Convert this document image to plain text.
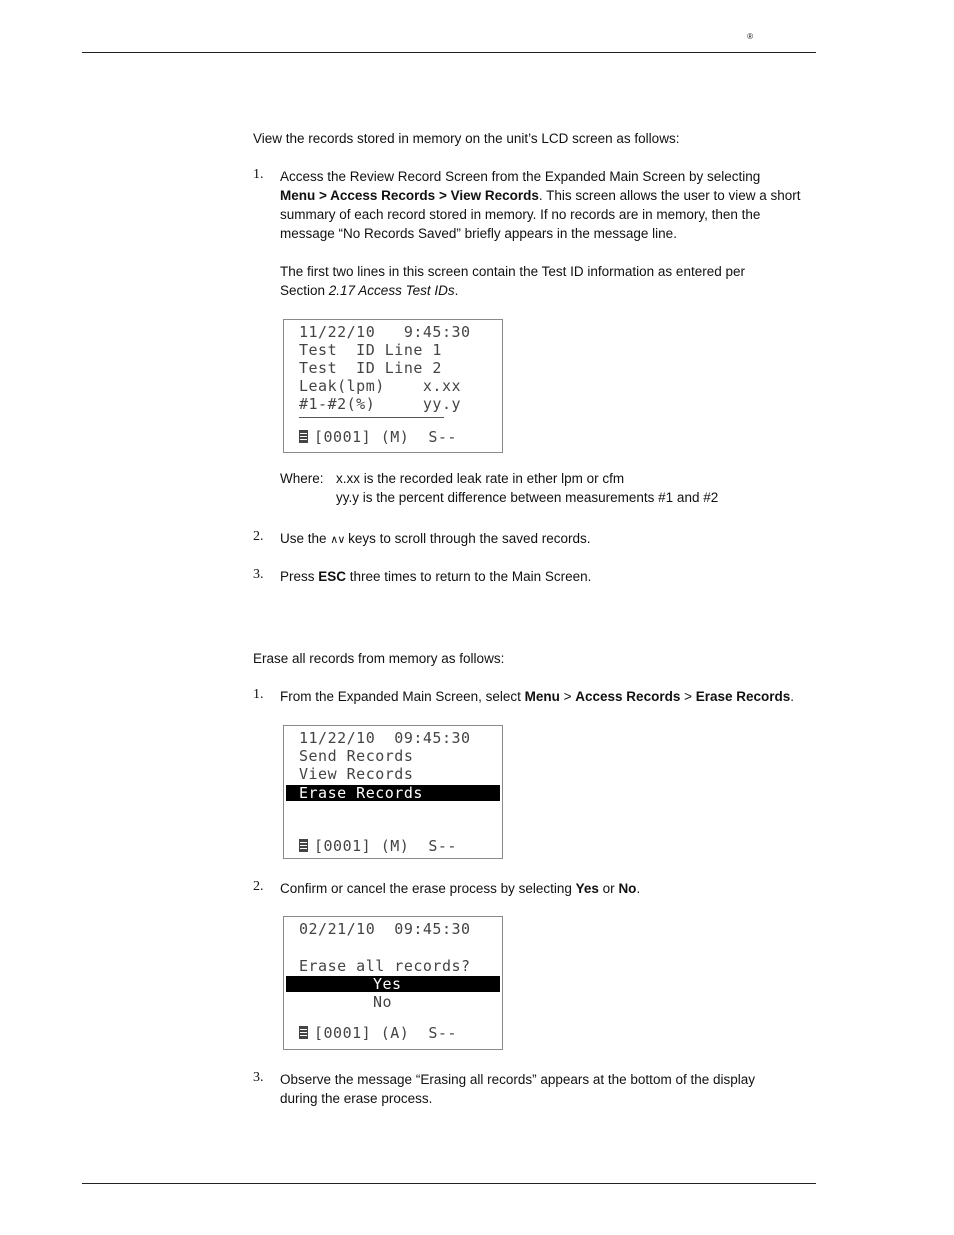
®
View the records stored in memory on the unit’s LCD screen as follows:
1. Access the Review Record Screen from the Expanded Main Screen by selecting
Menu > Access Records > View Records. This screen allows the user to view a short
summary of each record stored in memory. If no records are in memory, then the
message “No Records Saved” briefly appears in the message line.
The first two lines in this screen contain the Test ID information as entered per
Section 2.17 Access Test IDs.
11/22/10   9:45:30
Test  ID Line 1
Test  ID Line 2
Leak(lpm)    x.xx
#1-#2(%)     yy.y
[0001] (M)  S--
Where: x.xx is the recorded leak rate in ether lpm or cfm
yy.y is the percent difference between measurements #1 and #2
2. Use the ∧∨ keys to scroll through the saved records.
3. Press ESC three times to return to the Main Screen.
Erase all records from memory as follows:
1. From the Expanded Main Screen, select Menu > Access Records > Erase Records.
11/22/10  09:45:30
Send Records
View Records
Erase Records
[0001] (M)  S--
2. Confirm or cancel the erase process by selecting Yes or No.
02/21/10  09:45:30
Erase all records?
Yes
No
[0001] (A)  S--
3. Observe the message “Erasing all records” appears at the bottom of the display
during the erase process.
